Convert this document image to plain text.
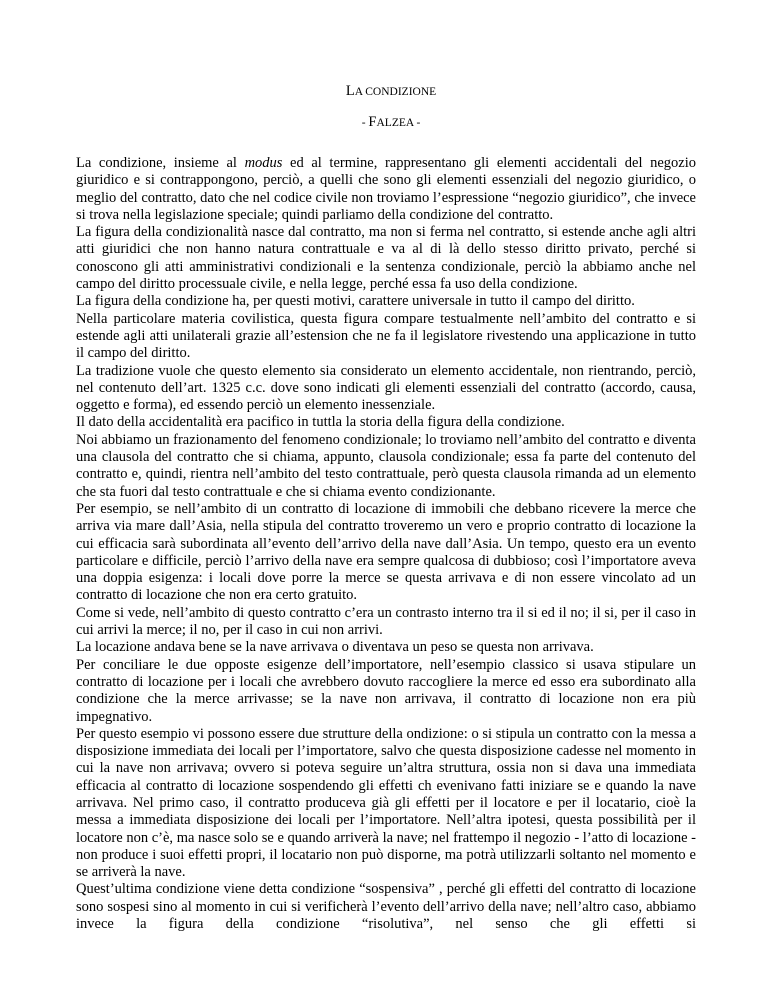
LA CONDIZIONE
- FALZEA -

La condizione, insieme al modus ed al termine, rappresentano gli elementi accidentali del negozio giuridico e si contrappongono, perciò, a quelli che sono gli elementi essenziali del negozio giuridico, o meglio del contratto, dato che nel codice civile non troviamo l’espressione “negozio giuridico”, che invece si trova nella legislazione speciale; quindi parliamo della condizione del contratto.

La figura della condizionalità nasce dal contratto, ma non si ferma nel contratto, si estende anche agli altri atti giuridici che non hanno natura contrattuale e va al di là dello stesso diritto privato, perché si conoscono gli atti amministrativi condizionali e la sentenza condizionale, perciò la abbiamo anche nel campo del diritto processuale civile, e nella legge, perché essa fa uso della condizione.

La figura della condizione ha, per questi motivi, carattere universale in tutto il campo del diritto.

Nella particolare materia covilistica, questa figura compare testualmente nell’ambito del contratto e si estende agli atti unilaterali grazie all’estension che ne fa il legislatore rivestendo una applicazione in tutto il campo del diritto.

La tradizione vuole che questo elemento sia considerato un elemento accidentale, non rientrando, perciò, nel contenuto dell’art. 1325 c.c. dove sono indicati gli elementi essenziali del contratto (accordo, causa, oggetto e forma), ed essendo perciò un elemento inessenziale.

Il dato della accidentalità era pacifico in tuttla la storia della figura della condizione.

Noi abbiamo un frazionamento del fenomeno condizionale; lo troviamo nell’ambito del contratto e diventa una clausola del contratto che si chiama, appunto, clausola condizionale; essa fa parte del contenuto del contratto e, quindi, rientra nell’ambito del testo contrattuale, però questa clausola rimanda ad un elemento che sta fuori dal testo contrattuale e che si chiama evento condizionante.

Per esempio, se nell’ambito di un contratto di locazione di immobili che debbano ricevere la merce che arriva via mare dall’Asia, nella stipula del contratto troveremo un vero e proprio contratto di locazione la cui efficacia sarà subordinata all’evento dell’arrivo della nave dall’Asia. Un tempo, questo era un evento particolare e difficile, perciò l’arrivo della nave era sempre qualcosa di dubbioso; così l’importatore aveva una doppia esigenza: i locali dove porre la merce se questa arrivava e di non essere vincolato ad un contratto di locazione che non era certo gratuito.

Come si vede, nell’ambito di questo contratto c’era un contrasto interno tra il si ed il no; il si, per il caso in cui arrivi la merce; il no, per il caso in cui non arrivi.

La locazione andava bene se la nave arrivava o diventava un peso se questa non arrivava.

Per conciliare le due opposte esigenze dell’importatore, nell’esempio classico si usava stipulare un contratto di locazione per i locali che avrebbero dovuto raccogliere la merce ed esso era subordinato alla condizione che la merce arrivasse; se la nave non arrivava, il contratto di locazione non era più impegnativo.

Per questo esempio vi possono essere due strutture della ondizione: o si stipula un contratto con la messa a disposizione immediata dei locali per l’importatore, salvo che questa disposizione cadesse nel momento in cui la nave non arrivava; ovvero si poteva seguire un’altra struttura, ossia non si dava una immediata efficacia al contratto di locazione sospendendo gli effetti ch evenivano fatti iniziare se e quando la nave arrivava. Nel primo caso, il contratto produceva già gli effetti per il locatore e per il locatario, cioè la messa a immediata disposizione dei locali per l’importatore. Nell’altra ipotesi, questa possibilità per il locatore non c’è, ma nasce solo se e quando arriverà la nave; nel frattempo il negozio - l’atto di locazione - non produce i suoi effetti propri, il locatario non può disporne, ma potrà utilizzarli soltanto nel momento e se arriverà la nave.

Quest’ultima condizione viene detta condizione “sospensiva” , perché gli effetti del contratto di locazione sono sospesi sino al momento in cui si verificherà l’evento dell’arrivo della nave; nell’altro caso, abbiamo invece la figura della condizione “risolutiva”, nel senso che gli effetti si
